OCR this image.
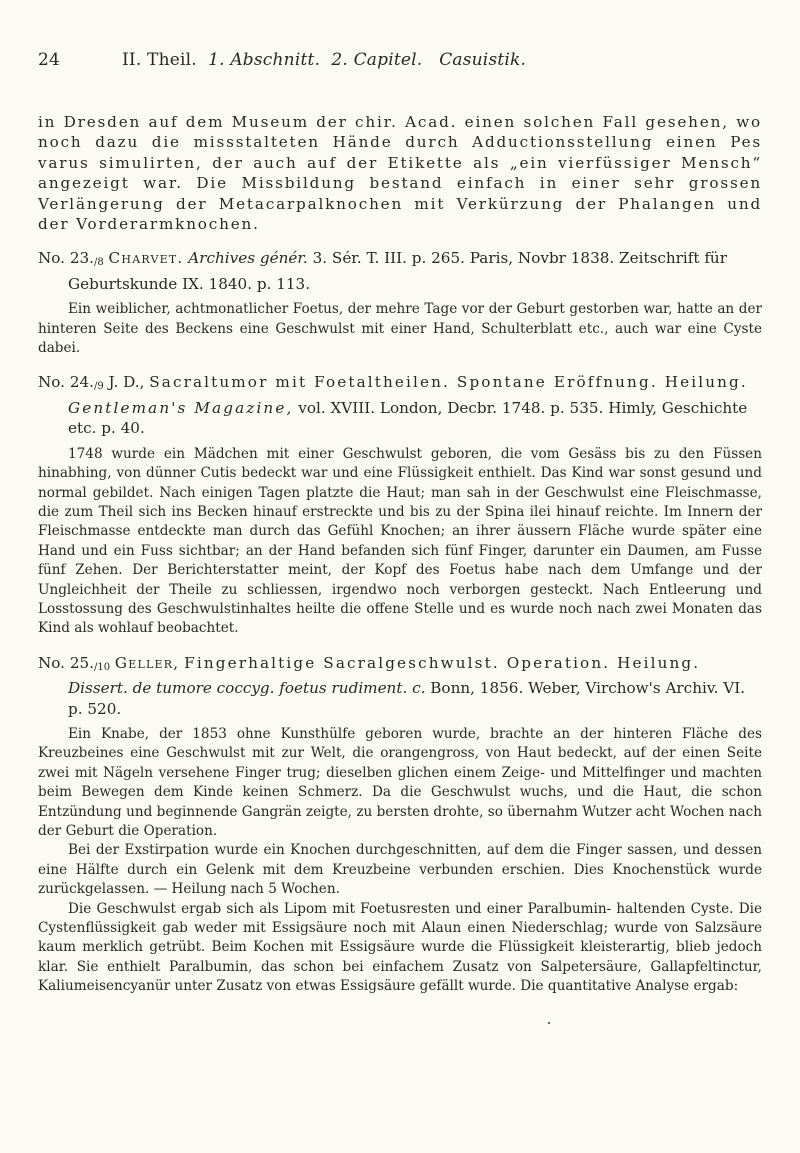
24	II. Theil. 1. Abschnitt. 2. Capitel. Casuistik.

in Dresden auf dem Museum der chir. Acad. einen solchen Fall gesehen, wo noch dazu die missstalteten Hände durch Adductionsstellung einen Pes varus simulirten, der auch auf der Etikette als „ein vierfüssiger Mensch“ angezeigt war. Die Missbildung bestand einfach in einer sehr grossen Verlängerung der Metacarpalknochen mit Verkürzung der Phalangen und der Vorderarmknochen.

No. 23./8 Charvet. Archives génér. 3. Sér. T. III. p. 265. Paris, Novbr 1838. Zeitschrift für Geburtskunde IX. 1840. p. 113.

Ein weiblicher, achtmonatlicher Foetus, der mehre Tage vor der Geburt gestorben war, hatte an der hinteren Seite des Beckens eine Geschwulst mit einer Hand, Schulterblatt etc., auch war eine Cyste dabei.

No. 24./9 J. D., Sacraltumor mit Foetaltheilen. Spontane Eröffnung. Heilung. Gentleman's Magazine, vol. XVIII. London, Decbr. 1748. p. 535. Himly, Geschichte etc. p. 40.

1748 wurde ein Mädchen mit einer Geschwulst geboren, die vom Gesäss bis zu den Füssen hinabhing, von dünner Cutis bedeckt war und eine Flüssigkeit enthielt. Das Kind war sonst gesund und normal gebildet. Nach einigen Tagen platzte die Haut; man sah in der Geschwulst eine Fleischmasse, die zum Theil sich ins Becken hinauf erstreckte und bis zu der Spina ilei hinauf reichte. Im Innern der Fleischmasse entdeckte man durch das Gefühl Knochen; an ihrer äussern Fläche wurde später eine Hand und ein Fuss sichtbar; an der Hand befanden sich fünf Finger, darunter ein Daumen, am Fusse fünf Zehen. Der Berichterstatter meint, der Kopf des Foetus habe nach dem Umfange und der Ungleichheit der Theile zu schliessen, irgendwo noch verborgen gesteckt. Nach Entleerung und Losstossung des Geschwulstinhaltes heilte die offene Stelle und es wurde noch nach zwei Monaten das Kind als wohlauf beobachtet.

No. 25./10 Geller, Fingerhaltige Sacralgeschwulst. Operation. Heilung. Dissert. de tumore coccyg. foetus rudiment. c. Bonn, 1856. Weber, Virchow's Archiv. VI. p. 520.

Ein Knabe, der 1853 ohne Kunsthülfe geboren wurde, brachte an der hinteren Fläche des Kreuzbeines eine Geschwulst mit zur Welt, die orangengross, von Haut bedeckt, auf der einen Seite zwei mit Nägeln versehene Finger trug; dieselben glichen einem Zeige- und Mittelfinger und machten beim Bewegen dem Kinde keinen Schmerz. Da die Geschwulst wuchs, und die Haut, die schon Entzündung und beginnende Gangrän zeigte, zu bersten drohte, so übernahm Wutzer acht Wochen nach der Geburt die Operation.

Bei der Exstirpation wurde ein Knochen durchgeschnitten, auf dem die Finger sassen, und dessen eine Hälfte durch ein Gelenk mit dem Kreuzbeine verbunden erschien. Dies Knochenstück wurde zurückgelassen. — Heilung nach 5 Wochen.

Die Geschwulst ergab sich als Lipom mit Foetusresten und einer Paralbumin- haltenden Cyste. Die Cystenflüssigkeit gab weder mit Essigsäure noch mit Alaun einen Niederschlag; wurde von Salzsäure kaum merklich getrübt. Beim Kochen mit Essigsäure wurde die Flüssigkeit kleisterartig, blieb jedoch klar. Sie enthielt Paralbumin, das schon bei einfachem Zusatz von Salpetersäure, Gallapfeltinctur, Kaliumeisencyanür unter Zusatz von etwas Essigsäure gefällt wurde. Die quantitative Analyse ergab:
